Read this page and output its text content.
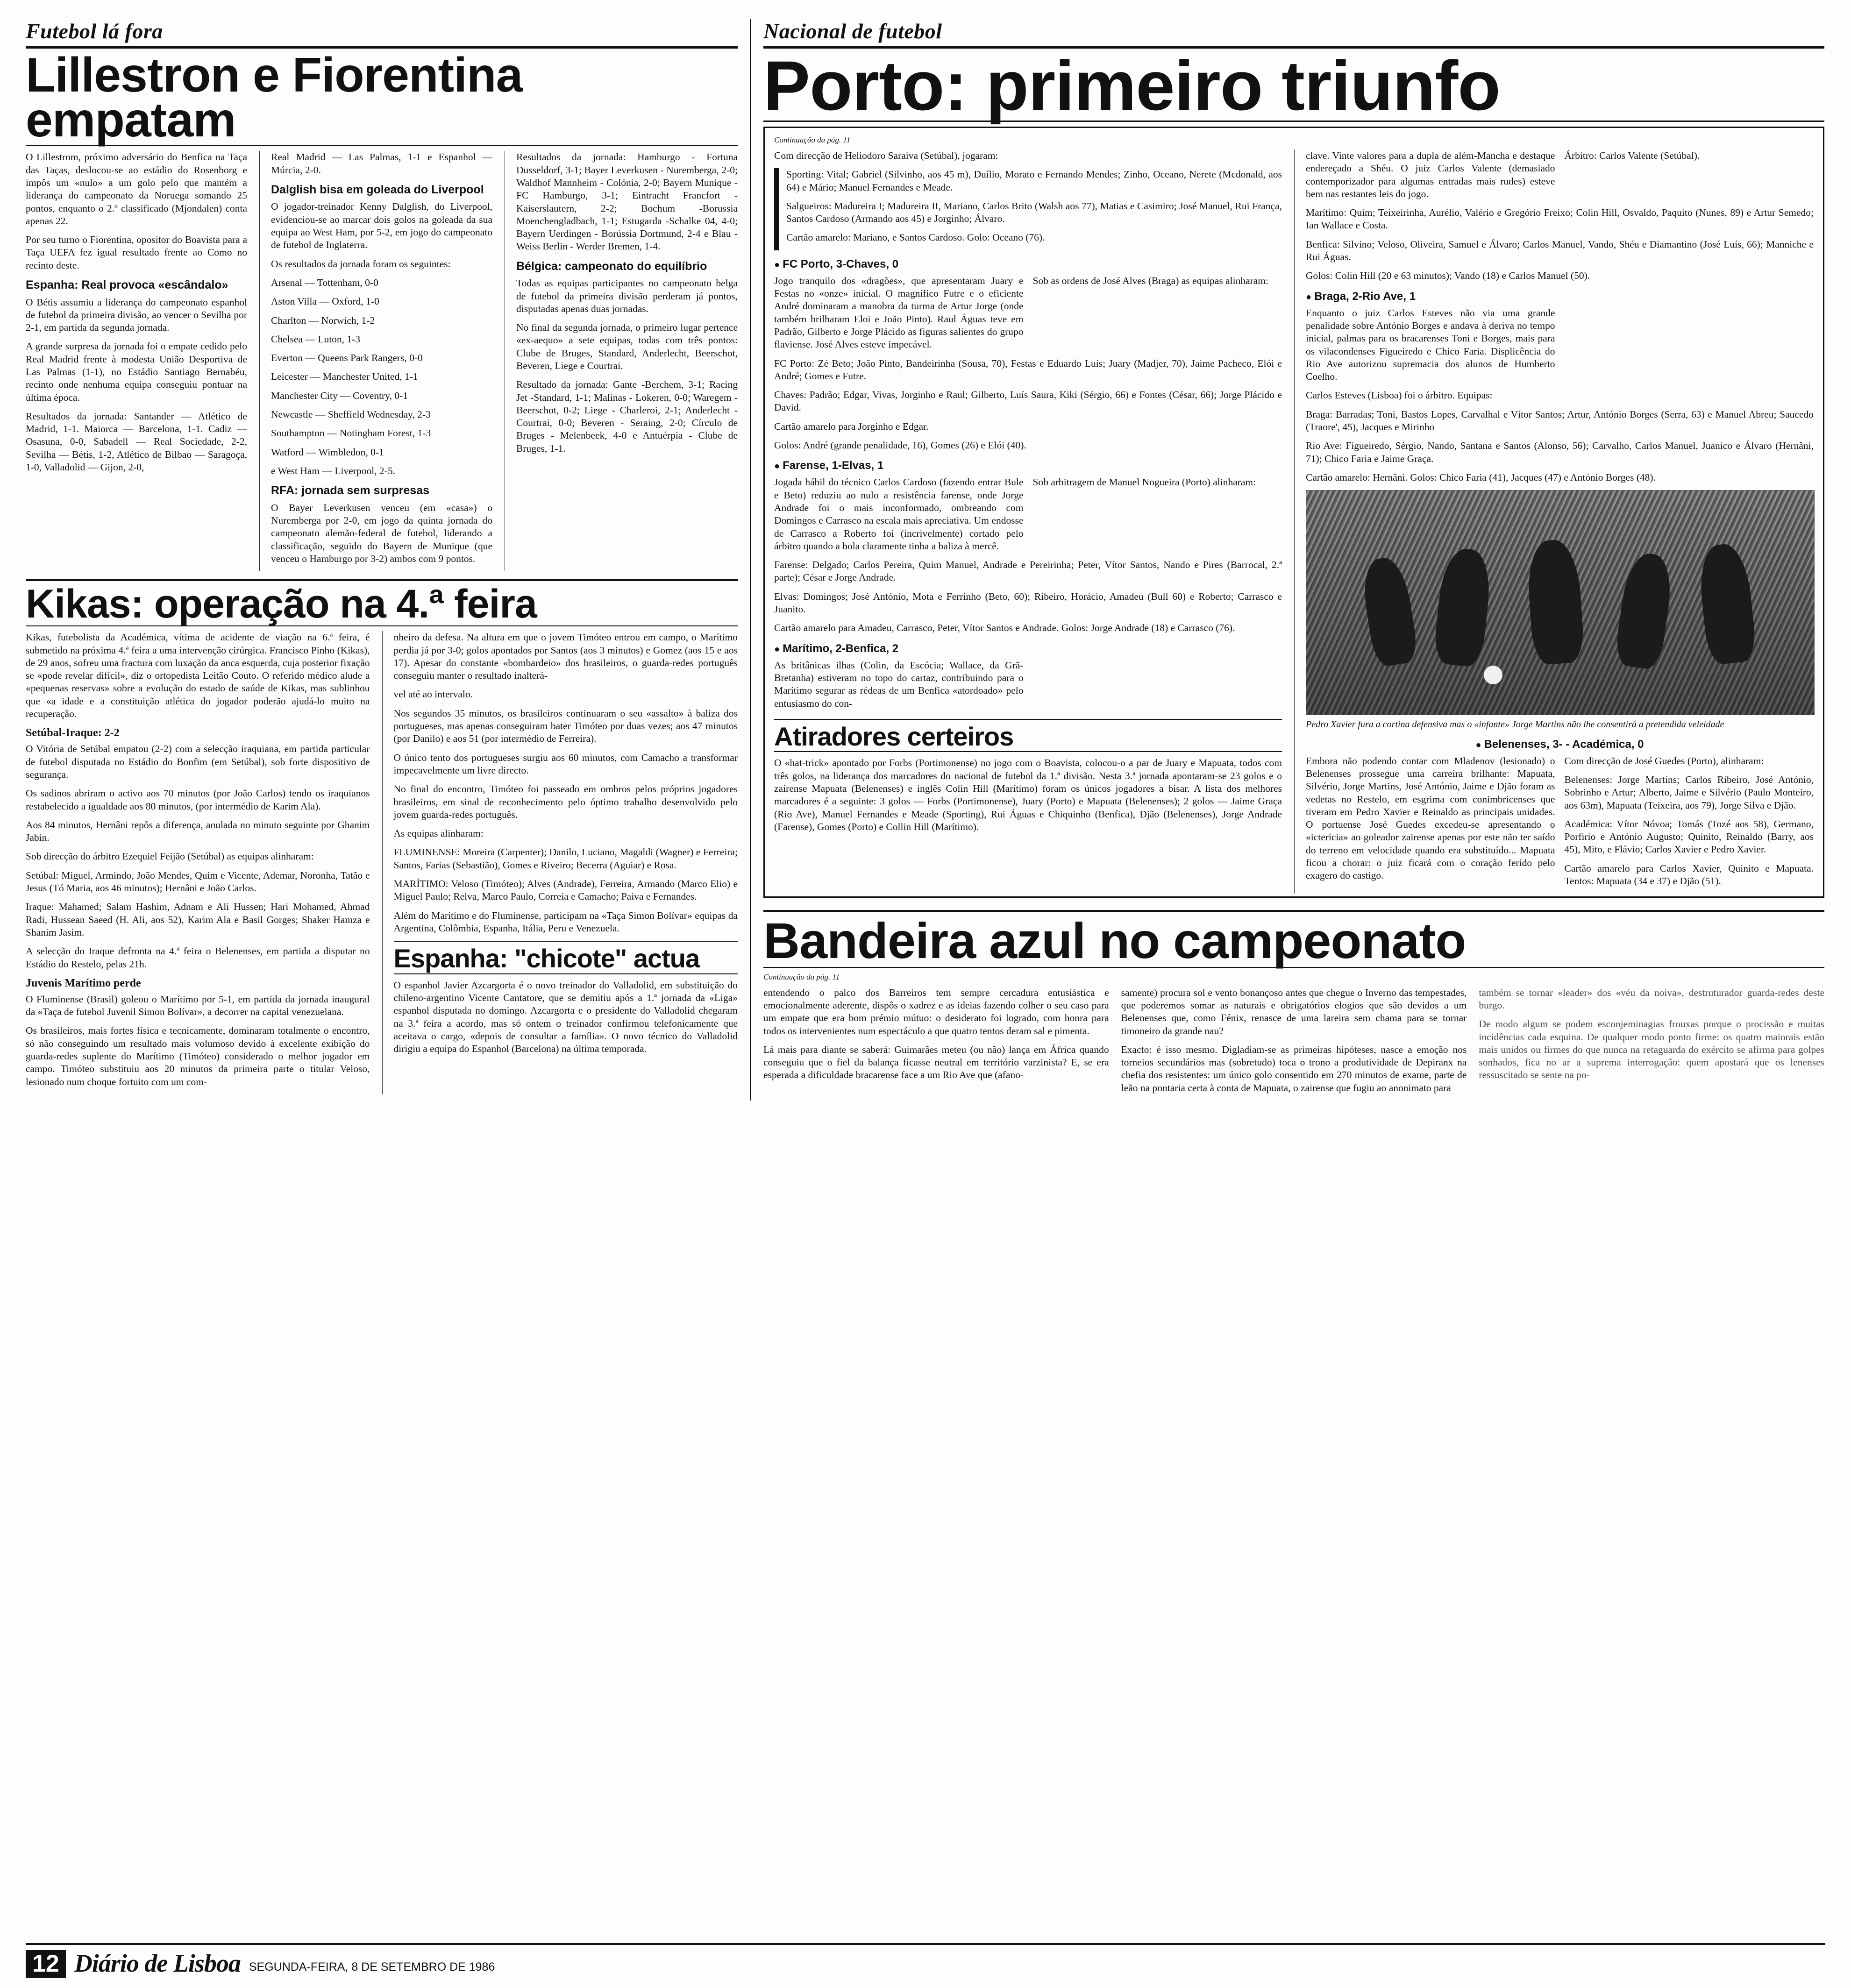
Futebol lá fora
Lillestron e Fiorentina empatam

O Lillestrom, próximo adversário do Benfica na Taça das Taças, deslocou-se ao estádio do Rosenborg e impôs um «nulo» a um golo pelo que mantém a liderança do campeonato da Noruega somando 25 pontos, enquanto o 2.º classificado (Mjondalen) conta apenas 22.

Por seu turno o Fiorentina, opositor do Boavista para a Taça UEFA fez igual resultado frente ao Como no recinto deste.

Espanha: Real provoca «escândalo»

O Bétis assumiu a liderança do campeonato espanhol de futebol da primeira divisão, ao vencer o Sevilha por 2-1, em partida da segunda jornada.

A grande surpresa da jornada foi o empate cedido pelo Real Madrid frente à modesta União Desportiva de Las Palmas (1-1), no Estádio Santiago Bernabéu, recinto onde nenhuma equipa conseguiu pontuar na última época.

Resultados da jornada: Santander — Atlético de Madrid, 1-1. Maiorca — Barcelona, 1-1. Cadiz — Osasuna, 0-0, Sabadell — Real Sociedade, 2-2, Sevilha — Bétis, 1-2, Atlético de Bilbao — Saragoça, 1-0, Valladolid — Gijon, 2-0,

Real Madrid — Las Palmas, 1-1 e Espanhol — Múrcia, 2-0.

Dalglish bisa em goleada do Liverpool

O jogador-treinador Kenny Dalglish, do Liverpool, evidenciou-se ao marcar dois golos na goleada da sua equipa ao West Ham, por 5-2, em jogo do campeonato de futebol de Inglaterra.

Os resultados da jornada foram os seguintes:

Arsenal — Tottenham, 0-0

Aston Villa — Oxford, 1-0

Charlton — Norwich, 1-2

Chelsea — Luton, 1-3

Everton — Queens Park Rangers, 0-0

Leicester — Manchester United, 1-1

Manchester City — Coventry, 0-1

Newcastle — Sheffield Wednesday, 2-3

Southampton — Notingham Forest, 1-3

Watford — Wimbledon, 0-1

e West Ham — Liverpool, 2-5.

RFA: jornada sem surpresas

O Bayer Leverkusen venceu (em «casa») o Nuremberga por 2-0, em jogo da quinta jornada do campeonato alemão-federal de futebol, liderando a classificação, seguido do Bayern de Munique (que venceu o Hamburgo por 3-2) ambos com 9 pontos.

Resultados da jornada: Hamburgo - Fortuna Dusseldorf, 3-1; Bayer Leverkusen - Nuremberga, 2-0; Waldhof Mannheim - Colónia, 2-0; Bayern Munique - FC Hamburgo, 3-1; Eintracht Francfort - Kaiserslautern, 2-2; Bochum -Borussia Moenchengladbach, 1-1; Estugarda -Schalke 04, 4-0; Bayern Uerdingen - Borússia Dortmund, 2-4 e Blau -Weiss Berlin - Werder Bremen, 1-4.

Bélgica: campeonato do equilíbrio

Todas as equipas participantes no campeonato belga de futebol da primeira divisão perderam já pontos, disputadas apenas duas jornadas.

No final da segunda jornada, o primeiro lugar pertence «ex-aequo» a sete equipas, todas com três pontos: Clube de Bruges, Standard, Anderlecht, Beerschot, Beveren, Liege e Courtrai.

Resultado da jornada: Gante -Berchem, 3-1; Racing Jet -Standard, 1-1; Malinas - Lokeren, 0-0; Waregem - Beerschot, 0-2; Liege - Charleroi, 2-1; Anderlecht - Courtrai, 0-0; Beveren - Seraing, 2-0; Círculo de Bruges - Melenbeek, 4-0 e Antuérpia - Clube de Bruges, 1-1.

Kikas: operação na 4.ª feira

Kikas, futebolista da Académica, vítima de acidente de viação na 6.ª feira, é submetido na próxima 4.ª feira a uma intervenção cirúrgica. Francisco Pinho (Kikas), de 29 anos, sofreu uma fractura com luxação da anca esquerda, cuja posterior fixação se «pode revelar difícil», diz o ortopedista Leitão Couto. O referido médico alude a «pequenas reservas» sobre a evolução do estado de saúde de Kikas, mas sublinhou que «a idade e a constituição atlética do jogador poderão ajudá-lo muito na recuperação.

Setúbal-Iraque: 2-2

O Vitória de Setúbal empatou (2-2) com a selecção iraquiana, em partida particular de futebol disputada no Estádio do Bonfim (em Setúbal), sob forte dispositivo de segurança.

Os sadinos abriram o activo aos 70 minutos (por João Carlos) tendo os iraquianos restabelecido a igualdade aos 80 minutos, (por intermédio de Karim Ala).

Aos 84 minutos, Hernâni repôs a diferença, anulada no minuto seguinte por Ghanim Jabin.

Sob direcção do árbitro Ezequiel Feijão (Setúbal) as equipas alinharam:

Setúbal: Miguel, Armindo, João Mendes, Quim e Vicente, Ademar, Noronha, Tatão e Jesus (Tó Maria, aos 46 minutos); Hernâni e João Carlos.

Iraque: Mahamed; Salam Hashim, Adnam e Ali Hussen; Hari Mohamed, Ahmad Radi, Hussean Saeed (H. Ali, aos 52), Karim Ala e Basil Gorges; Shaker Hamza e Shanim Jasim.

A selecção do Iraque defronta na 4.ª feira o Belenenses, em partida a disputar no Estádio do Restelo, pelas 21h.

Juvenis Marítimo perde

O Fluminense (Brasil) goleou o Marítimo por 5-1, em partida da jornada inaugural da «Taça de futebol Juvenil Simon Bolívar», a decorrer na capital venezuelana.

Os brasileiros, mais fortes física e tecnicamente, dominaram totalmente o encontro, só não conseguindo um resultado mais volumoso devido à excelente exibição do guarda-redes suplente do Marítimo (Timóteo) considerado o melhor jogador em campo. Timóteo substituiu aos 20 minutos da primeira parte o titular Veloso, lesionado num choque fortuito com um com-

nheiro da defesa. Na altura em que o jovem Timóteo entrou em campo, o Marítimo perdia já por 3-0; golos apontados por Santos (aos 3 minutos) e Gomez (aos 15 e aos 17). Apesar do constante «bombardeio» dos brasileiros, o guarda-redes português conseguiu manter o resultado inalterá-

vel até ao intervalo.

Nos segundos 35 minutos, os brasileiros continuaram o seu «assalto» à baliza dos portugueses, mas apenas conseguiram bater Timóteo por duas vezes; aos 47 minutos (por Danilo) e aos 51 (por intermédio de Ferreira).

O único tento dos portugueses surgiu aos 60 minutos, com Camacho a transformar impecavelmente um livre directo.

No final do encontro, Timóteo foi passeado em ombros pelos próprios jogadores brasileiros, em sinal de reconhecimento pelo óptimo trabalho desenvolvido pelo jovem guarda-redes português.

As equipas alinharam:

FLUMINENSE: Moreira (Carpenter); Danilo, Luciano, Magaldi (Wagner) e Ferreira; Santos, Farias (Sebastião), Gomes e Riveiro; Becerra (Aguiar) e Rosa.

MARÍTIMO: Veloso (Timóteo); Alves (Andrade), Ferreira, Armando (Marco Elio) e Miguel Paulo; Relva, Marco Paulo, Correia e Camacho; Paiva e Fernandes.

Além do Marítimo e do Fluminense, participam na «Taça Simon Bolívar» equipas da Argentina, Colômbia, Espanha, Itália, Peru e Venezuela.

Espanha: "chicote" actua

O espanhol Javier Azcargorta é o novo treinador do Valladolid, em substituição do chileno-argentino Vicente Cantatore, que se demitiu após a 1.ª jornada da «Liga» espanhol disputada no domingo. Azcargorta e o presidente do Valladolid chegaram na 3.ª feira a acordo, mas só ontem o treinador confirmou telefonicamente que aceitava o cargo, «depois de consultar a família». O novo técnico do Valladolid dirigiu a equipa do Espanhol (Barcelona) na última temporada.

Nacional de futebol
Porto: primeiro triunfo
Continuação da pág. 11

Com direcção de Heliodoro Saraiva (Setúbal), jogaram:

Sporting: Vital; Gabriel (Silvinho, aos 45 m), Duílio, Morato e Fernando Mendes; Zinho, Oceano, Nerete (Mcdonald, aos 64) e Mário; Manuel Fernandes e Meade.

Salgueiros: Madureira I; Madureira II, Mariano, Carlos Brito (Walsh aos 77), Matias e Casimiro; José Manuel, Rui França, Santos Cardoso (Armando aos 45) e Jorginho; Álvaro.

Cartão amarelo: Mariano, e Santos Cardoso. Golo: Oceano (76).

● FC Porto, 3-Chaves, 0

Jogo tranquilo dos «dragões», que apresentaram Juary e Festas no «onze» inicial. O magnífico Futre e o eficiente André dominaram a manobra da turma de Artur Jorge (onde também brilharam Eloi e João Pinto). Raul Águas teve em Padrão, Gilberto e Jorge Plácido as figuras salientes do grupo flaviense. José Alves esteve impecável.

Sob as ordens de José Alves (Braga) as equipas alinharam:

FC Porto: Zé Beto; João Pinto, Bandeirinha (Sousa, 70), Festas e Eduardo Luís; Juary (Madjer, 70), Jaime Pacheco, Elói e André; Gomes e Futre.

Chaves: Padrão; Edgar, Vivas, Jorginho e Raul; Gilberto, Luís Saura, Kiki (Sérgio, 66) e Fontes (César, 66); Jorge Plácido e David.

Cartão amarelo para Jorginho e Edgar.

Golos: André (grande penalidade, 16), Gomes (26) e Elói (40).

● Farense, 1-Elvas, 1

Jogada hábil do técnico Carlos Cardoso (fazendo entrar Bule e Beto) reduziu ao nulo a resistência farense, onde Jorge Andrade foi o mais inconformado, ombreando com Domingos e Carrasco na escala mais apreciativa. Um endosse de Carrasco a Roberto foi (incrivelmente) cortado pelo árbitro quando a bola claramente tinha a baliza à mercê.

Sob arbitragem de Manuel Nogueira (Porto) alinharam:

Farense: Delgado; Carlos Pereira, Quim Manuel, Andrade e Pereirinha; Peter, Vítor Santos, Nando e Pires (Barrocal, 2.ª parte); César e Jorge Andrade.

Elvas: Domingos; José António, Mota e Ferrinho (Beto, 60); Ribeiro, Horácio, Amadeu (Bull 60) e Roberto; Carrasco e Juanito.

Cartão amarelo para Amadeu, Carrasco, Peter, Vítor Santos e Andrade. Golos: Jorge Andrade (18) e Carrasco (76).

● Marítimo, 2-Benfica, 2

As britânicas ilhas (Colin, da Escócia; Wallace, da Grã-Bretanha) estiveram no topo do cartaz, contribuindo para o Marítimo segurar as rédeas de um Benfica «atordoado» pelo entusiasmo do con-

Atiradores certeiros

O «hat-trick» apontado por Forbs (Portimonense) no jogo com o Boavista, colocou-o a par de Juary e Mapuata, todos com três golos, na liderança dos marcadores do nacional de futebol da 1.ª divisão. Nesta 3.ª jornada apontaram-se 23 golos e o zairense Mapuata (Belenenses) e inglês Colin Hill (Marítimo) foram os únicos jogadores a bisar. A lista dos melhores marcadores é a seguinte: 3 golos — Forbs (Portimonense), Juary (Porto) e Mapuata (Belenenses); 2 golos — Jaime Graça (Rio Ave), Manuel Fernandes e Meade (Sporting), Rui Águas e Chiquinho (Benfica), Djão (Belenenses), Jorge Andrade (Farense), Gomes (Porto) e Collin Hill (Marítimo).

clave. Vinte valores para a dupla de além-Mancha e destaque endereçado a Shéu. O juiz Carlos Valente (demasiado contemporizador para algumas entradas mais rudes) esteve bem nas restantes leis do jogo.

Árbitro: Carlos Valente (Setúbal).

Marítimo: Quim; Teixeirinha, Aurélio, Valério e Gregório Freixo; Colin Hill, Osvaldo, Paquito (Nunes, 89) e Artur Semedo; Ian Wallace e Costa.

Benfica: Silvino; Veloso, Oliveira, Samuel e Álvaro; Carlos Manuel, Vando, Shéu e Diamantino (José Luís, 66); Manniche e Rui Águas.

Golos: Colin Hill (20 e 63 minutos); Vando (18) e Carlos Manuel (50).

● Braga, 2-Rio Ave, 1

Enquanto o juiz Carlos Esteves não via uma grande penalidade sobre António Borges e andava à deriva no tempo inicial, palmas para os bracarenses Toni e Borges, mais para os vilacondenses Figueiredo e Chico Faria. Displicência do Rio Ave autorizou supremacia dos alunos de Humberto Coelho.

Carlos Esteves (Lisboa) foi o árbitro. Equipas:

Braga: Barradas; Toni, Bastos Lopes, Carvalhal e Vítor Santos; Artur, António Borges (Serra, 63) e Manuel Abreu; Saucedo (Traore', 45), Jacques e Mirinho

Rio Ave: Figueiredo, Sérgio, Nando, Santana e Santos (Alonso, 56); Carvalho, Carlos Manuel, Juanico e Álvaro (Hernâni, 71); Chico Faria e Jaime Graça.

Cartão amarelo: Hernâni. Golos: Chico Faria (41), Jacques (47) e António Borges (48).

Pedro Xavier fura a cortina defensiva mas o «infante» Jorge Martins não lhe consentirá a pretendida veleidade
● Belenenses, 3- - Académica, 0

Embora não podendo contar com Mladenov (lesionado) o Belenenses prossegue uma carreira brilhante: Mapuata, Silvério, Jorge Martins, José António, Jaime e Djão foram as vedetas no Restelo, em esgrima com conimbricenses que tiveram em Pedro Xavier e Reinaldo as principais unidades. O portuense José Guedes excedeu-se apresentando o «ictericia» ao goleador zairense apenas por este não ter saído do terreno em velocidade quando era substituído... Mapuata ficou a chorar: o juiz ficará com o coração ferido pelo exagero do castigo.

Com direcção de José Guedes (Porto), alinharam:

Belenenses: Jorge Martins; Carlos Ribeiro, José António, Sobrinho e Artur; Alberto, Jaime e Silvério (Paulo Monteiro, aos 63m), Mapuata (Teixeira, aos 79), Jorge Silva e Djão.

Académica: Vítor Nóvoa; Tomás (Tozé aos 58), Germano, Porfirio e António Augusto; Quinito, Reinaldo (Barry, aos 45), Mito, e Flávio; Carlos Xavier e Pedro Xavier.

Cartão amarelo para Carlos Xavier, Quinito e Mapuata. Tentos: Mapuata (34 e 37) e Djão (51).

Bandeira azul no campeonato
Continuação da pág. 11

entendendo o palco dos Barreiros tem sempre cercadura entusiástica e emocionalmente aderente, dispôs o xadrez e as ideias fazendo colher o seu caso para um empate que era bom prémio mútuo: o desiderato foi logrado, com honra para todos os intervenientes num espectáculo a que quatro tentos deram sal e pimenta.

Lá mais para diante se saberá: Guimarães meteu (ou não) lança em África quando conseguiu que o fiel da balança ficasse neutral em território varzinista? E, se era esperada a dificuldade bracarense face a um Rio Ave que (afano-

samente) procura sol e vento bonançoso antes que chegue o Inverno das tempestades, que poderemos somar as naturais e obrigatórios elogios que são devidos a um Belenenses que, como Fénix, renasce de uma lareira sem chama para se tornar timoneiro da grande nau?

Exacto: é isso mesmo. Digladiam-se as primeiras hipóteses, nasce a emoção nos torneios secundários mas (sobretudo) toca o trono a produtividade de Depiranx na chefia dos resistentes: um único golo consentido em 270 minutos de exame, parte de leão na pontaria certa à conta de Mapuata, o zairense que fugiu ao anonimato para

também se tornar «leader» dos «véu da noiva», destruturador guarda-redes deste burgo.

De modo algum se podem esconjeminagias frouxas porque o procissão e muitas incidências cada esquina. De qualquer modo ponto firme: os quatro maiorais estão mais unidos ou firmes do que nunca na retaguarda do exército se afirma para golpes sonhados, fica no ar a suprema interrogação: quem apostará que os lenenses ressuscitado se sente na po-

12 Diário de Lisboa SEGUNDA-FEIRA, 8 DE SETEMBRO DE 1986
